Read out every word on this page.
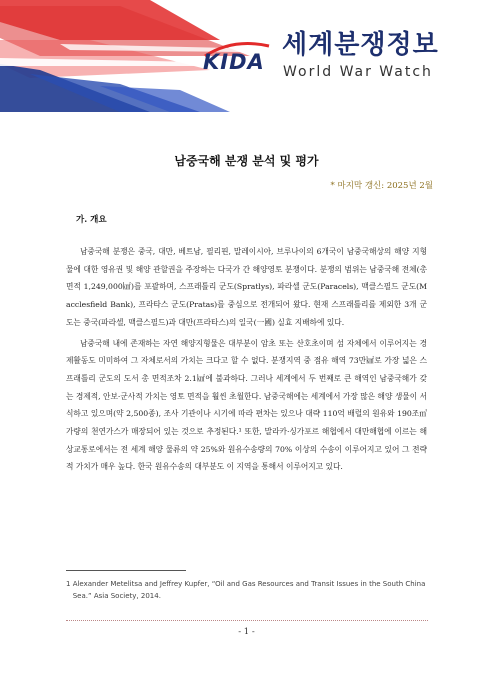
KIDA
세계분쟁정보
World War Watch
남중국해 분쟁 분석 및 평가
* 마지막 갱신: 2025년 2월
가. 개요

남중국해 분쟁은 중국, 대만, 베트남, 필리핀, 말레이시아, 브루나이의 6개국이 남중국해상의 해양 지형물에 대한 영유권 및 해양 관할권을 주장하는 다국가 간 해양영토 분쟁이다. 분쟁의 범위는 남중국해 전체(총 면적 1,249,000㎢)를 포괄하며, 스프래틀리 군도(Spratlys), 파라셀 군도(Paracels), 맥클스필드 군도(Macclesfield Bank), 프라타스 군도(Pratas)를 중심으로 전개되어 왔다. 현재 스프래틀리를 제외한 3개 군도는 중국(파라셀, 맥클스필드)과 대만(프라타스)의 일국(一國) 실효 지배하에 있다.

남중국해 내에 존재하는 자연 해양지형물은 대부분이 암초 또는 산호초이며 섬 자체에서 이루어지는 경제활동도 미미하여 그 자체로서의 가치는 크다고 할 수 없다. 분쟁지역 중 점유 해역 73만㎢로 가장 넓은 스프래틀리 군도의 도서 총 면적조차 2.1㎢에 불과하다. 그러나 세계에서 두 번째로 큰 해역인 남중국해가 갖는 경제적, 안보·군사적 가치는 영토 면적을 훨씬 초월한다. 남중국해에는 세계에서 가장 많은 해양 생물이 서식하고 있으며(약 2,500종), 조사 기관이나 시기에 따라 편차는 있으나 대략 110억 배럴의 원유와 190조㎥ 가량의 천연가스가 매장되어 있는 것으로 추정된다.¹ 또한, 말라카·싱가포르 해협에서 대만해협에 이르는 해상교통로에서는 전 세계 해양 물류의 약 25%와 원유수송량의 70% 이상의 수송이 이루어지고 있어 그 전략적 가치가 매우 높다. 한국 원유수송의 대부분도 이 지역을 통해서 이루어지고 있다.

1 Alexander Metelitsa and Jeffrey Kupfer, “Oil and Gas Resources and Transit Issues in the South China Sea.” Asia Society, 2014.
- 1 -
